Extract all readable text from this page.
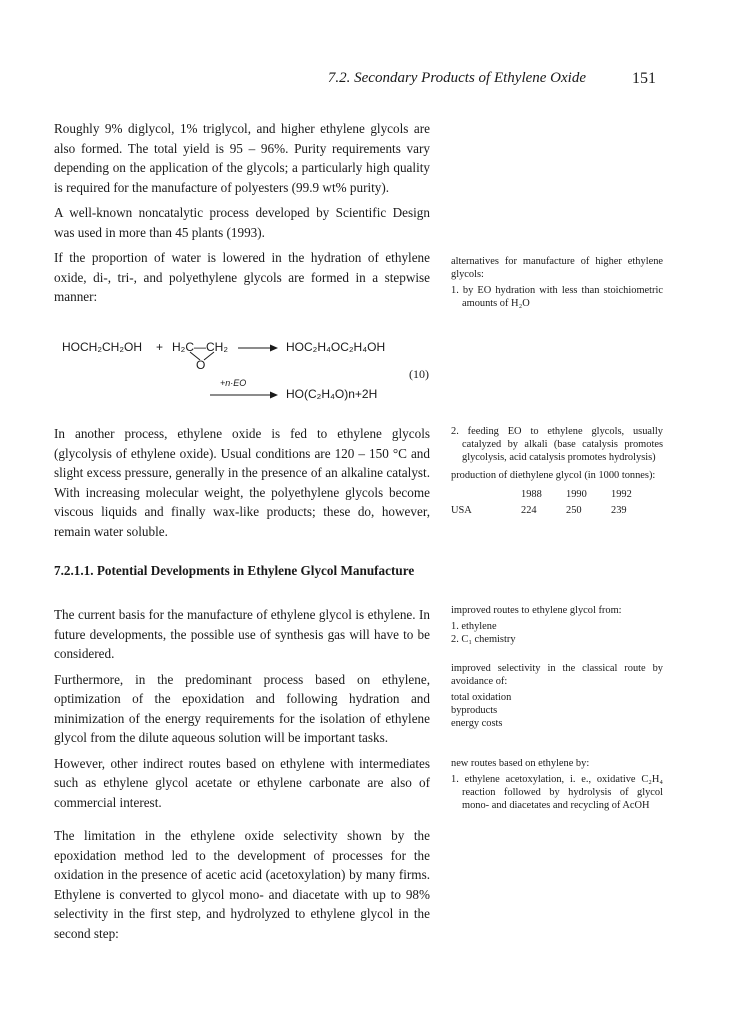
7.2. Secondary Products of Ethylene Oxide	151

Roughly 9% diglycol, 1% triglycol, and higher ethylene glycols are also formed. The total yield is 95 – 96%. Purity requirements vary depending on the application of the glycols; a particularly high quality is required for the manufacture of polyesters (99.9 wt% purity).

A well-known noncatalytic process developed by Scientific Design was used in more than 45 plants (1993).

If the proportion of water is lowered in the hydration of ethylene oxide, di-, tri-, and polyethylene glycols are formed in a stepwise manner:

HOCH₂CH₂OH + H₂C—CH₂
O
→ HOC₂H₄OC₂H₄OH
(10)
+n·EO
HO(C₂H₄O)n+2H

In another process, ethylene oxide is fed to ethylene glycols (glycolysis of ethylene oxide). Usual conditions are 120 – 150 °C and slight excess pressure, generally in the presence of an alkaline catalyst. With increasing molecular weight, the polyethylene glycols become viscous liquids and finally wax-like products; these do, however, remain water soluble.

7.2.1.1. Potential Developments in Ethylene Glycol Manufacture

The current basis for the manufacture of ethylene glycol is ethylene. In future developments, the possible use of synthesis gas will have to be considered.

Furthermore, in the predominant process based on ethylene, optimization of the epoxidation and following hydration and minimization of the energy requirements for the isolation of ethylene glycol from the dilute aqueous solution will be important tasks.

However, other indirect routes based on ethylene with intermediates such as ethylene glycol acetate or ethylene carbonate are also of commercial interest.

The limitation in the ethylene oxide selectivity shown by the epoxidation method led to the development of processes for the oxidation in the presence of acetic acid (acetoxylation) by many firms. Ethylene is converted to glycol mono- and diacetate with up to 98% selectivity in the first step, and hydrolyzed to ethylene glycol in the second step:

alternatives for manufacture of higher ethylene glycols:

1. by EO hydration with less than stoichiometric amounts of H₂O

2. feeding EO to ethylene glycols, usually catalyzed by alkali (base catalysis promotes glycolysis, acid catalysis promotes hydrolysis)

production of diethylene glycol (in 1000 tonnes):

	1988	1990	1992
USA	224	250	239

improved routes to ethylene glycol from:

1. ethylene

2. C₁ chemistry

improved selectivity in the classical route by avoidance of:

total oxidation

byproducts

energy costs

new routes based on ethylene by:

1. ethylene acetoxylation, i. e., oxidative C₂H₄ reaction followed by hydrolysis of glycol mono- and diacetates and recycling of AcOH
